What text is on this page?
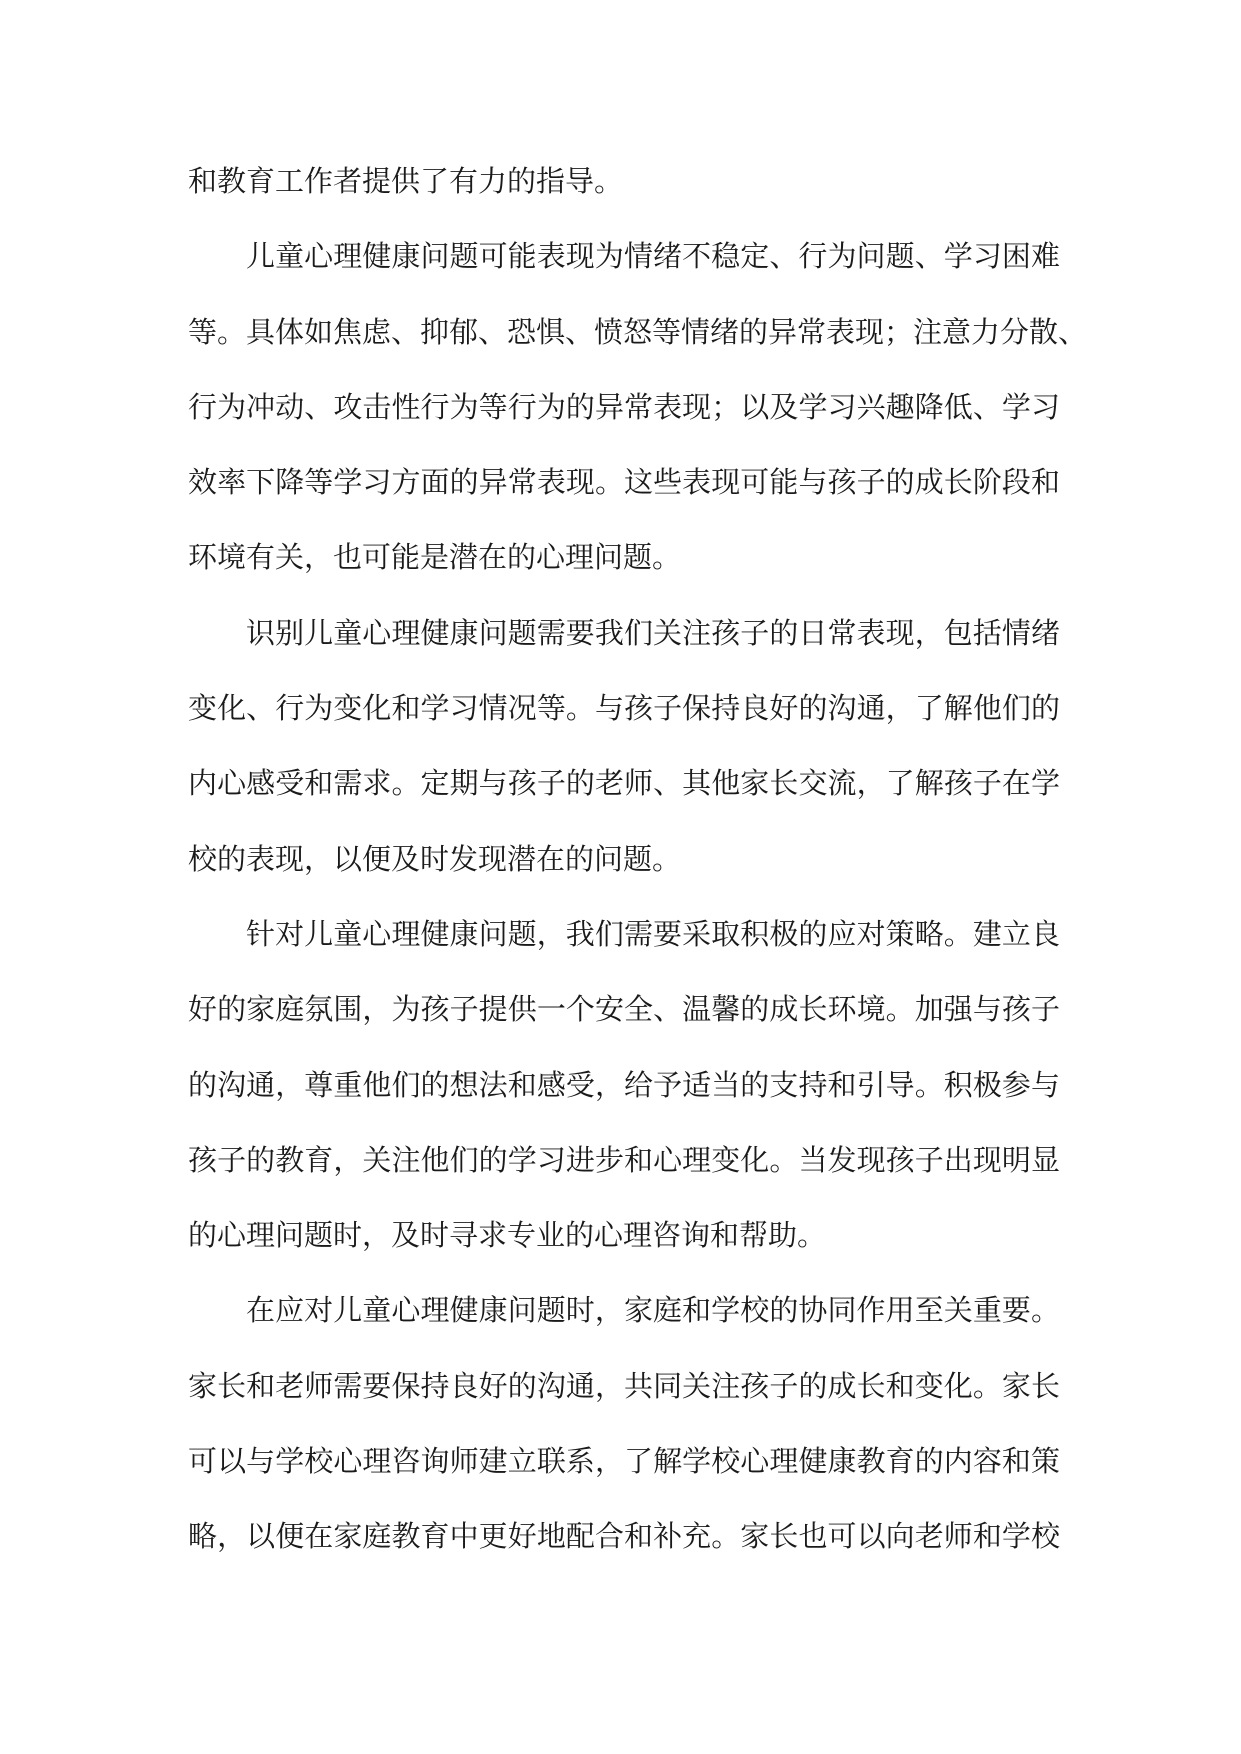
和教育工作者提供了有力的指导。
儿童心理健康问题可能表现为情绪不稳定、行为问题、学习困难
等。具体如焦虑、抑郁、恐惧、愤怒等情绪的异常表现；注意力分散、
行为冲动、攻击性行为等行为的异常表现；以及学习兴趣降低、学习
效率下降等学习方面的异常表现。这些表现可能与孩子的成长阶段和
环境有关，也可能是潜在的心理问题。
识别儿童心理健康问题需要我们关注孩子的日常表现，包括情绪
变化、行为变化和学习情况等。与孩子保持良好的沟通，了解他们的
内心感受和需求。定期与孩子的老师、其他家长交流，了解孩子在学
校的表现，以便及时发现潜在的问题。
针对儿童心理健康问题，我们需要采取积极的应对策略。建立良
好的家庭氛围，为孩子提供一个安全、温馨的成长环境。加强与孩子
的沟通，尊重他们的想法和感受，给予适当的支持和引导。积极参与
孩子的教育，关注他们的学习进步和心理变化。当发现孩子出现明显
的心理问题时，及时寻求专业的心理咨询和帮助。
在应对儿童心理健康问题时，家庭和学校的协同作用至关重要。
家长和老师需要保持良好的沟通，共同关注孩子的成长和变化。家长
可以与学校心理咨询师建立联系，了解学校心理健康教育的内容和策
略，以便在家庭教育中更好地配合和补充。家长也可以向老师和学校
